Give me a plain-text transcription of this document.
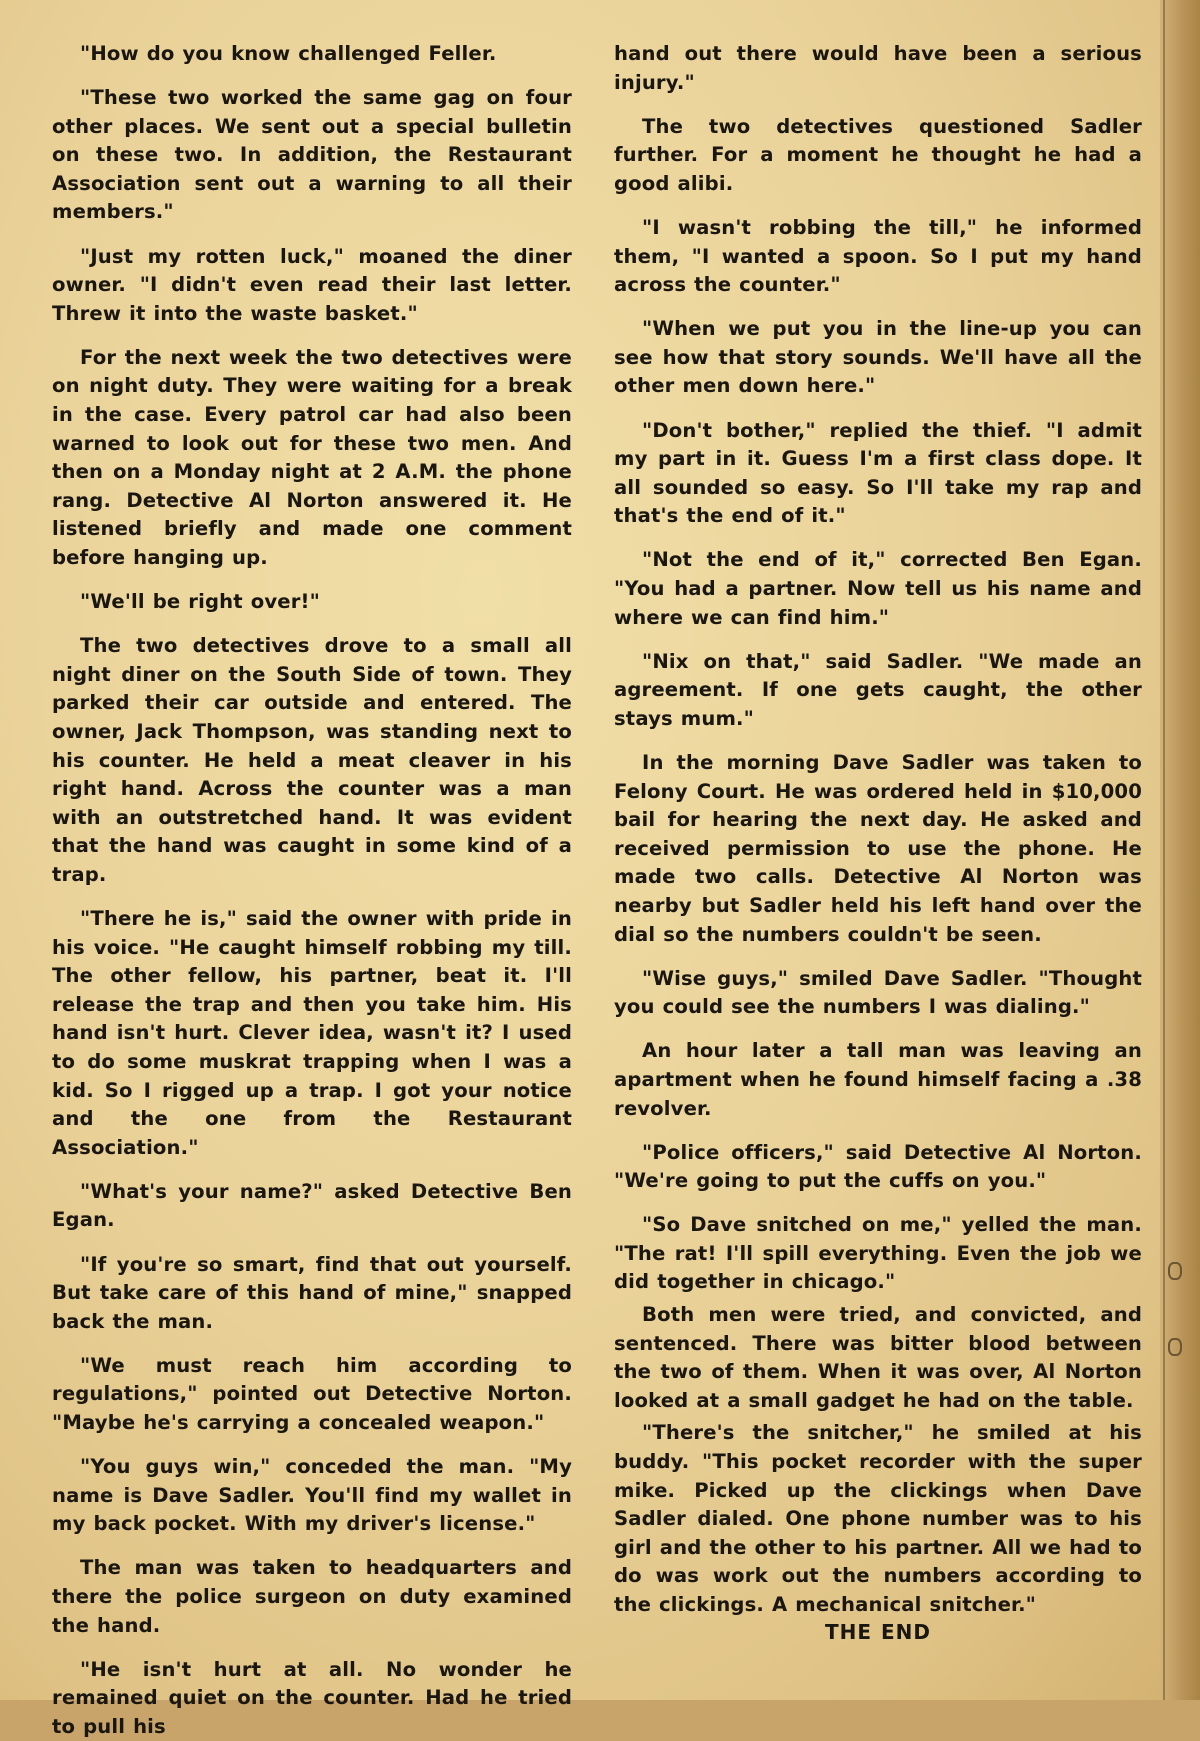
"How do you know challenged Feller.

"These two worked the same gag on four other places. We sent out a special bulletin on these two. In addition, the Restaurant Association sent out a warning to all their members."

"Just my rotten luck," moaned the diner owner. "I didn't even read their last letter. Threw it into the waste basket."

For the next week the two detectives were on night duty. They were waiting for a break in the case. Every patrol car had also been warned to look out for these two men. And then on a Monday night at 2 A.M. the phone rang. Detective Al Norton answered it. He listened briefly and made one comment before hanging up.

"We'll be right over!"

The two detectives drove to a small all night diner on the South Side of town. They parked their car outside and entered. The owner, Jack Thompson, was standing next to his counter. He held a meat cleaver in his right hand. Across the counter was a man with an outstretched hand. It was evident that the hand was caught in some kind of a trap.

"There he is," said the owner with pride in his voice. "He caught himself robbing my till. The other fellow, his partner, beat it. I'll release the trap and then you take him. His hand isn't hurt. Clever idea, wasn't it? I used to do some muskrat trapping when I was a kid. So I rigged up a trap. I got your notice and the one from the Restaurant Association."

"What's your name?" asked Detective Ben Egan.

"If you're so smart, find that out yourself. But take care of this hand of mine," snapped back the man.

"We must reach him according to regulations," pointed out Detective Norton. "Maybe he's carrying a concealed weapon."

"You guys win," conceded the man. "My name is Dave Sadler. You'll find my wallet in my back pocket. With my driver's license."

The man was taken to headquarters and there the police surgeon on duty examined the hand.

"He isn't hurt at all. No wonder he remained quiet on the counter. Had he tried to pull his

hand out there would have been a serious injury."

The two detectives questioned Sadler further. For a moment he thought he had a good alibi.

"I wasn't robbing the till," he informed them, "I wanted a spoon. So I put my hand across the counter."

"When we put you in the line-up you can see how that story sounds. We'll have all the other men down here."

"Don't bother," replied the thief. "I admit my part in it. Guess I'm a first class dope. It all sounded so easy. So I'll take my rap and that's the end of it."

"Not the end of it," corrected Ben Egan. "You had a partner. Now tell us his name and where we can find him."

"Nix on that," said Sadler. "We made an agreement. If one gets caught, the other stays mum."

In the morning Dave Sadler was taken to Felony Court. He was ordered held in $10,000 bail for hearing the next day. He asked and received permission to use the phone. He made two calls. Detective Al Norton was nearby but Sadler held his left hand over the dial so the numbers couldn't be seen.

"Wise guys," smiled Dave Sadler. "Thought you could see the numbers I was dialing."

An hour later a tall man was leaving an apartment when he found himself facing a .38 revolver.

"Police officers," said Detective Al Norton. "We're going to put the cuffs on you."

"So Dave snitched on me," yelled the man. "The rat! I'll spill everything. Even the job we did together in chicago."

Both men were tried, and convicted, and sentenced. There was bitter blood between the two of them. When it was over, Al Norton looked at a small gadget he had on the table.

"There's the snitcher," he smiled at his buddy. "This pocket recorder with the super mike. Picked up the clickings when Dave Sadler dialed. One phone number was to his girl and the other to his partner. All we had to do was work out the numbers according to the clickings. A mechanical snitcher."

THE END
